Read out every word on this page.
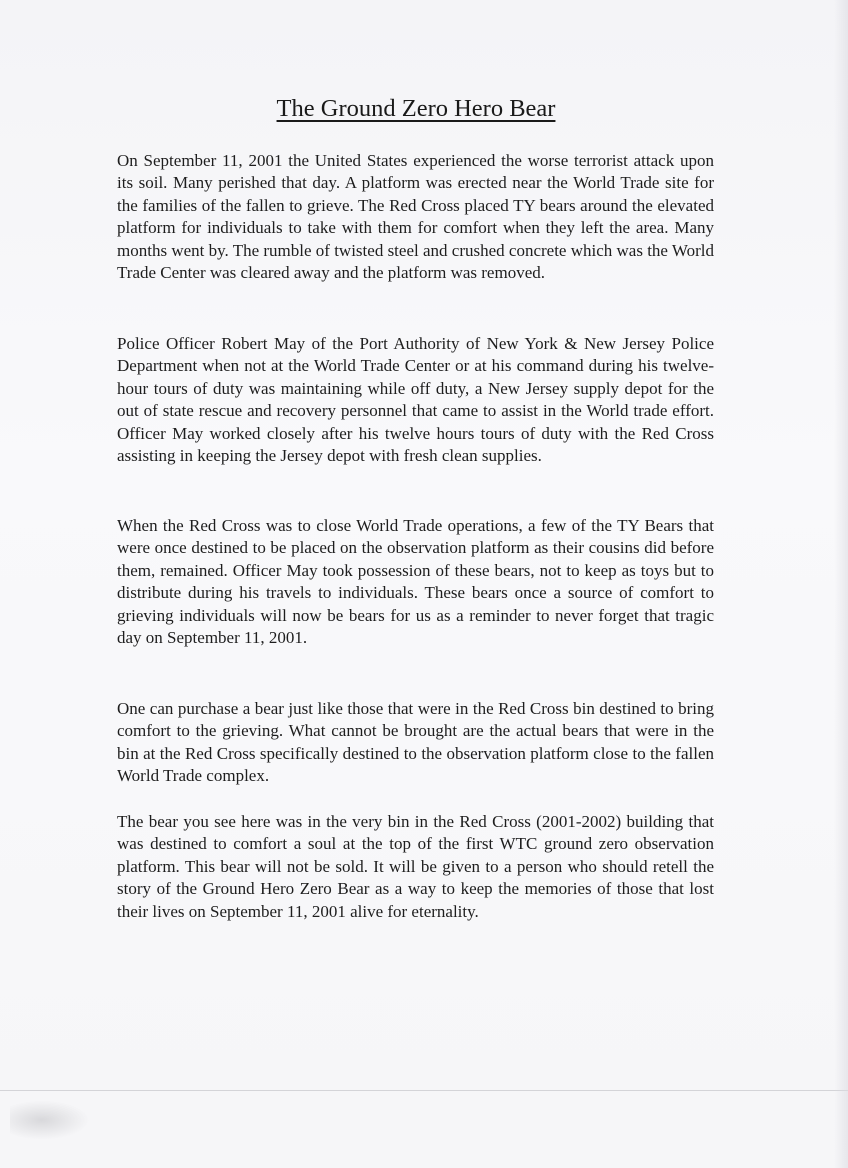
The Ground Zero Hero Bear

On September 11, 2001 the United States experienced the worse terrorist attack upon its soil. Many perished that day. A platform was erected near the World Trade site for the families of the fallen to grieve. The Red Cross placed TY bears around the elevated platform for individuals to take with them for comfort when they left the area. Many months went by. The rumble of twisted steel and crushed concrete which was the World Trade Center was cleared away and the platform was removed.

Police Officer Robert May of the Port Authority of New York & New Jersey Police Department when not at the World Trade Center or at his command during his twelve-hour tours of duty was maintaining while off duty, a New Jersey supply depot for the out of state rescue and recovery personnel that came to assist in the World trade effort. Officer May worked closely after his twelve hours tours of duty with the Red Cross assisting in keeping the Jersey depot with fresh clean supplies.

When the Red Cross was to close World Trade operations, a few of the TY Bears that were once destined to be placed on the observation platform as their cousins did before them, remained. Officer May took possession of these bears, not to keep as toys but to distribute during his travels to individuals. These bears once a source of comfort to grieving individuals will now be bears for us as a reminder to never forget that tragic day on September 11, 2001.

One can purchase a bear just like those that were in the Red Cross bin destined to bring comfort to the grieving. What cannot be brought are the actual bears that were in the bin at the Red Cross specifically destined to the observation platform close to the fallen World Trade complex.

The bear you see here was in the very bin in the Red Cross (2001-2002) building that was destined to comfort a soul at the top of the first WTC ground zero observation platform. This bear will not be sold. It will be given to a person who should retell the story of the Ground Hero Zero Bear as a way to keep the memories of those that lost their lives on September 11, 2001 alive for eternality.
